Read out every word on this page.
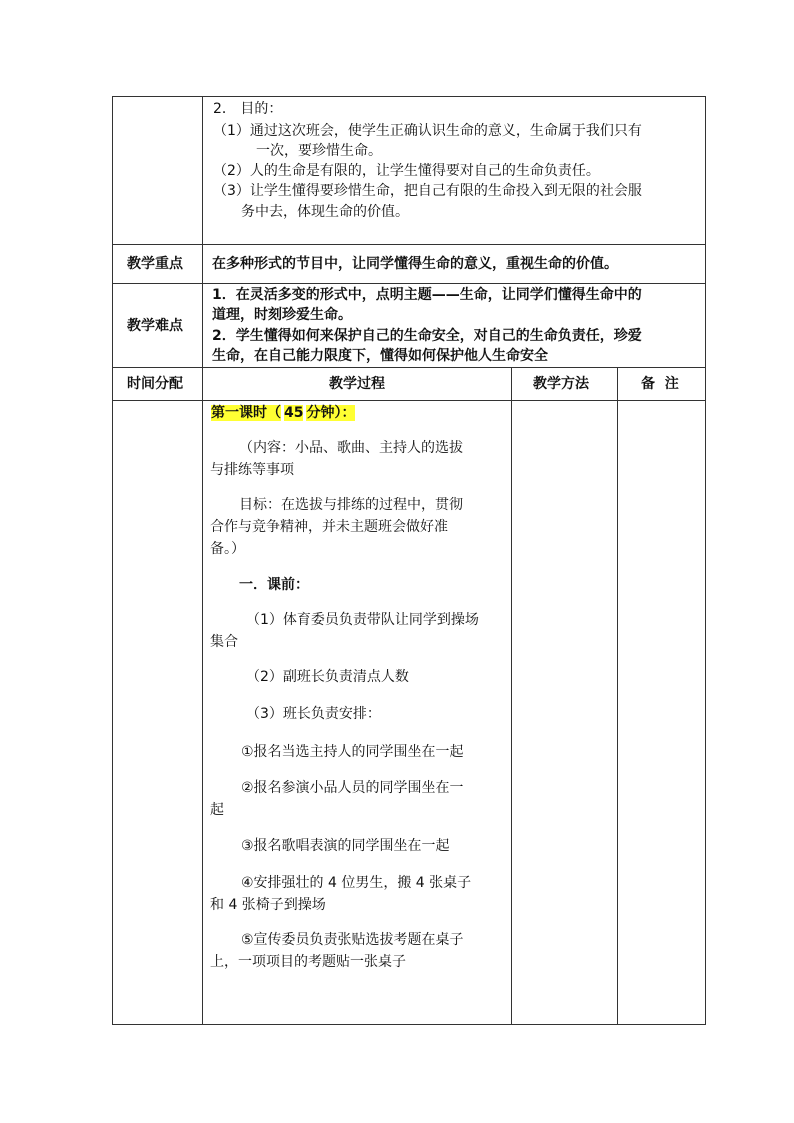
2． 目的：
（1）通过这次班会，使学生正确认识生命的意义，生命属于我们只有
一次，要珍惜生命。
（2）人的生命是有限的，让学生懂得要对自己的生命负责任。
（3）让学生懂得要珍惜生命，把自己有限的生命投入到无限的社会服
务中去，体现生命的价值。
教学重点 在多种形式的节目中，让同学懂得生命的意义，重视生命的价值。
教学难点
1．在灵活多变的形式中，点明主题——生命，让同学们懂得生命中的
道理，时刻珍爱生命。
2．学生懂得如何来保护自己的生命安全，对自己的生命负责任，珍爱
生命，在自己能力限度下，懂得如何保护他人生命安全
时间分配	教学过程	教学方法	备  注
第一课时（ 45 分钟）：
（内容：小品、歌曲、主持人的选拔
与排练等事项
目标：在选拔与排练的过程中，贯彻
合作与竞争精神，并未主题班会做好准
备。）
一．课前：
（1）体育委员负责带队让同学到操场
集合
（2）副班长负责清点人数
（3）班长负责安排：
①报名当选主持人的同学围坐在一起
②报名参演小品人员的同学围坐在一
起
③报名歌唱表演的同学围坐在一起
④安排强壮的 4 位男生，搬 4 张桌子
和 4 张椅子到操场
⑤宣传委员负责张贴选拔考题在桌子
上，一项项目的考题贴一张桌子
